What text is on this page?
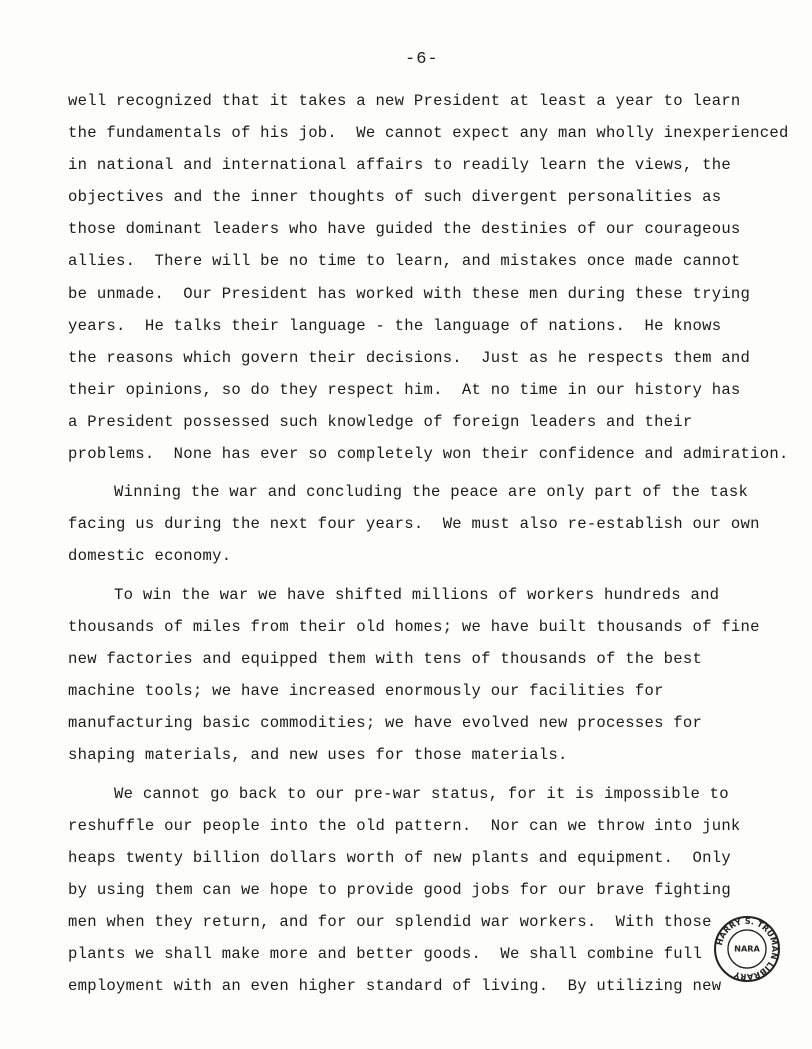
-6-
well recognized that it takes a new President at least a year to learn
the fundamentals of his job.  We cannot expect any man wholly inexperienced
in national and international affairs to readily learn the views, the
objectives and the inner thoughts of such divergent personalities as
those dominant leaders who have guided the destinies of our courageous
allies.  There will be no time to learn, and mistakes once made cannot
be unmade.  Our President has worked with these men during these trying
years.  He talks their language - the language of nations.  He knows
the reasons which govern their decisions.  Just as he respects them and
their opinions, so do they respect him.  At no time in our history has
a President possessed such knowledge of foreign leaders and their
problems.  None has ever so completely won their confidence and admiration.
Winning the war and concluding the peace are only part of the task
facing us during the next four years.  We must also re-establish our own
domestic economy.
To win the war we have shifted millions of workers hundreds and
thousands of miles from their old homes; we have built thousands of fine
new factories and equipped them with tens of thousands of the best
machine tools; we have increased enormously our facilities for
manufacturing basic commodities; we have evolved new processes for
shaping materials, and new uses for those materials.
We cannot go back to our pre-war status, for it is impossible to
reshuffle our people into the old pattern.  Nor can we throw into junk
heaps twenty billion dollars worth of new plants and equipment.  Only
by using them can we hope to provide good jobs for our brave fighting
men when they return, and for our splendid war workers.  With those
plants we shall make more and better goods.  We shall combine full
employment with an even higher standard of living.  By utilizing new
HARRY S. TRUMAN LIBRARY
NARA
